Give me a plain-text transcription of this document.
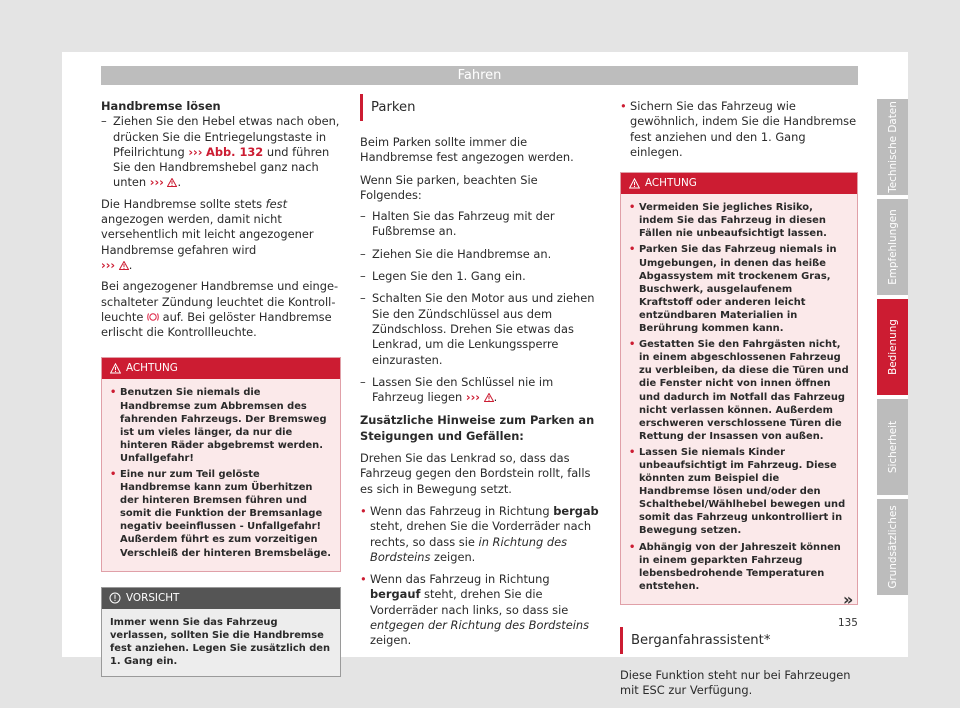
Fahren

Handbremse lösen

– Ziehen Sie den Hebel etwas nach oben, drücken Sie die Entriegelungstaste in Pfeilrichtung ››› Abb. 132 und führen Sie den Handbremshebel ganz nach unten ››› .

Die Handbremse sollte stets fest angezogen werden, damit nicht versehentlich mit leicht angezogener Handbremse gefahren wird
››› .

Bei angezogener Handbremse und eingeschalteter Zündung leuchtet die Kontrollleuchte  auf. Bei gelöster Handbremse erlischt die Kontrollleuchte.

ACHTUNG

• Benutzen Sie niemals die Handbremse zum Abbremsen des fahrenden Fahrzeugs. Der Bremsweg ist um vieles länger, da nur die hinteren Räder abgebremst werden. Unfallgefahr!

• Eine nur zum Teil gelöste Handbremse kann zum Überhitzen der hinteren Bremsen führen und somit die Funktion der Bremsanlage negativ beeinflussen - Unfallgefahr! Außerdem führt es zum vorzeitigen Verschleiß der hinteren Bremsbeläge.

VORSICHT
Immer wenn Sie das Fahrzeug verlassen, sollten Sie die Handbremse fest anziehen. Legen Sie zusätzlich den 1. Gang ein.
Parken

Beim Parken sollte immer die Handbremse fest angezogen werden.

Wenn Sie parken, beachten Sie Folgendes:

– Halten Sie das Fahrzeug mit der Fußbremse an.

– Ziehen Sie die Handbremse an.

– Legen Sie den 1. Gang ein.

– Schalten Sie den Motor aus und ziehen Sie den Zündschlüssel aus dem Zündschloss. Drehen Sie etwas das Lenkrad, um die Lenkungssperre einzurasten.

– Lassen Sie den Schlüssel nie im Fahrzeug liegen ››› .

Zusätzliche Hinweise zum Parken an Steigungen und Gefällen:

Drehen Sie das Lenkrad so, dass das Fahrzeug gegen den Bordstein rollt, falls es sich in Bewegung setzt.

• Wenn das Fahrzeug in Richtung bergab steht, drehen Sie die Vorderräder nach rechts, so dass sie in Richtung des Bordsteins zeigen.

• Wenn das Fahrzeug in Richtung bergauf steht, drehen Sie die Vorderräder nach links, so dass sie entgegen der Richtung des Bordsteins zeigen.

• Sichern Sie das Fahrzeug wie gewöhnlich, indem Sie die Handbremse fest anziehen und den 1. Gang einlegen.

ACHTUNG

• Vermeiden Sie jegliches Risiko, indem Sie das Fahrzeug in diesen Fällen nie unbeaufsichtigt lassen.

• Parken Sie das Fahrzeug niemals in Umgebungen, in denen das heiße Abgassystem mit trockenem Gras, Buschwerk, ausgelaufenem Kraftstoff oder anderen leicht entzündbaren Materialien in Berührung kommen kann.

• Gestatten Sie den Fahrgästen nicht, in einem abgeschlossenen Fahrzeug zu verbleiben, da diese die Türen und die Fenster nicht von innen öffnen und dadurch im Notfall das Fahrzeug nicht verlassen können. Außerdem erschweren verschlossene Türen die Rettung der Insassen von außen.

• Lassen Sie niemals Kinder unbeaufsichtigt im Fahrzeug. Diese könnten zum Beispiel die Handbremse lösen und/oder den Schalthebel/Wählhebel bewegen und somit das Fahrzeug unkontrolliert in Bewegung setzen.

• Abhängig von der Jahreszeit können in einem geparkten Fahrzeug lebensbedrohende Temperaturen entstehen.

Berganfahrassistent*

Diese Funktion steht nur bei Fahrzeugen mit ESC zur Verfügung.

»
Technische Daten
Empfehlungen
Bedienung
Sicherheit
Grundsätzliches
135
